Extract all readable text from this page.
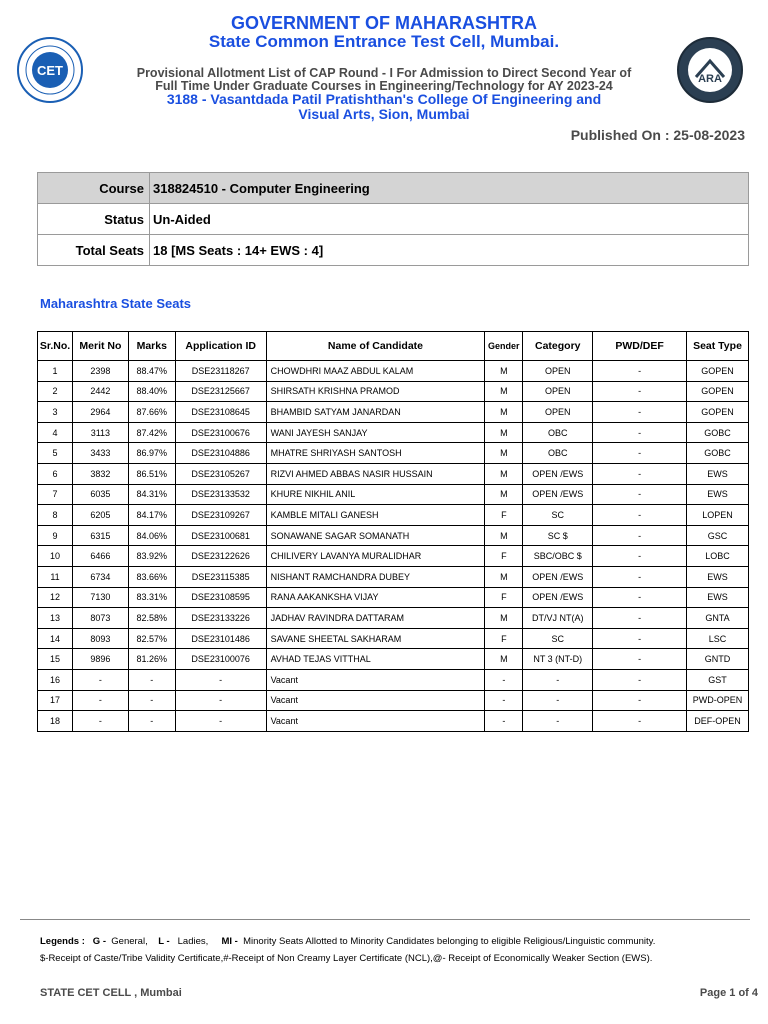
CET
ARA
GOVERNMENT OF MAHARASHTRA
State Common Entrance Test Cell, Mumbai.
Provisional Allotment List of CAP Round - I For Admission to Direct Second Year of
Full Time Under Graduate Courses in Engineering/Technology for AY 2023-24
3188 - Vasantdada Patil Pratishthan's College Of Engineering and
Visual Arts, Sion, Mumbai
Published On : 25-08-2023
Course	318824510 - Computer Engineering
Status	Un-Aided
Total Seats	18 [MS Seats : 14+ EWS : 4]
Maharashtra State Seats
Sr.No.	Merit No	Marks	Application ID	Name of Candidate	Gender	Category	PWD/DEF	Seat Type
1	2398	88.47%	DSE23118267	CHOWDHRI MAAZ ABDUL KALAM	M	OPEN	-	GOPEN
2	2442	88.40%	DSE23125667	SHIRSATH KRISHNA PRAMOD	M	OPEN	-	GOPEN
3	2964	87.66%	DSE23108645	BHAMBID SATYAM JANARDAN	M	OPEN	-	GOPEN
4	3113	87.42%	DSE23100676	WANI JAYESH SANJAY	M	OBC	-	GOBC
5	3433	86.97%	DSE23104886	MHATRE SHRIYASH SANTOSH	M	OBC	-	GOBC
6	3832	86.51%	DSE23105267	RIZVI AHMED ABBAS NASIR HUSSAIN	M	OPEN /EWS	-	EWS
7	6035	84.31%	DSE23133532	KHURE NIKHIL ANIL	M	OPEN /EWS	-	EWS
8	6205	84.17%	DSE23109267	KAMBLE MITALI GANESH	F	SC	-	LOPEN
9	6315	84.06%	DSE23100681	SONAWANE SAGAR SOMANATH	M	SC $	-	GSC
10	6466	83.92%	DSE23122626	CHILIVERY LAVANYA MURALIDHAR	F	SBC/OBC $	-	LOBC
11	6734	83.66%	DSE23115385	NISHANT RAMCHANDRA DUBEY	M	OPEN /EWS	-	EWS
12	7130	83.31%	DSE23108595	RANA AAKANKSHA VIJAY	F	OPEN /EWS	-	EWS
13	8073	82.58%	DSE23133226	JADHAV RAVINDRA DATTARAM	M	DT/VJ NT(A)	-	GNTA
14	8093	82.57%	DSE23101486	SAVANE SHEETAL SAKHARAM	F	SC	-	LSC
15	9896	81.26%	DSE23100076	AVHAD TEJAS VITTHAL	M	NT 3 (NT-D)	-	GNTD
16	-	-	-	Vacant	-	-	-	GST
17	-	-	-	Vacant	-	-	-	PWD-OPEN
18	-	-	-	Vacant	-	-	-	DEF-OPEN
Legends : G - General, L - Ladies, MI - Minority Seats Allotted to Minority Candidates belonging to eligible Religious/Linguistic community.
$-Receipt of Caste/Tribe Validity Certificate,#-Receipt of Non Creamy Layer Certificate (NCL),@- Receipt of Economically Weaker Section (EWS).
STATE CET CELL , Mumbai	Page 1 of 4
